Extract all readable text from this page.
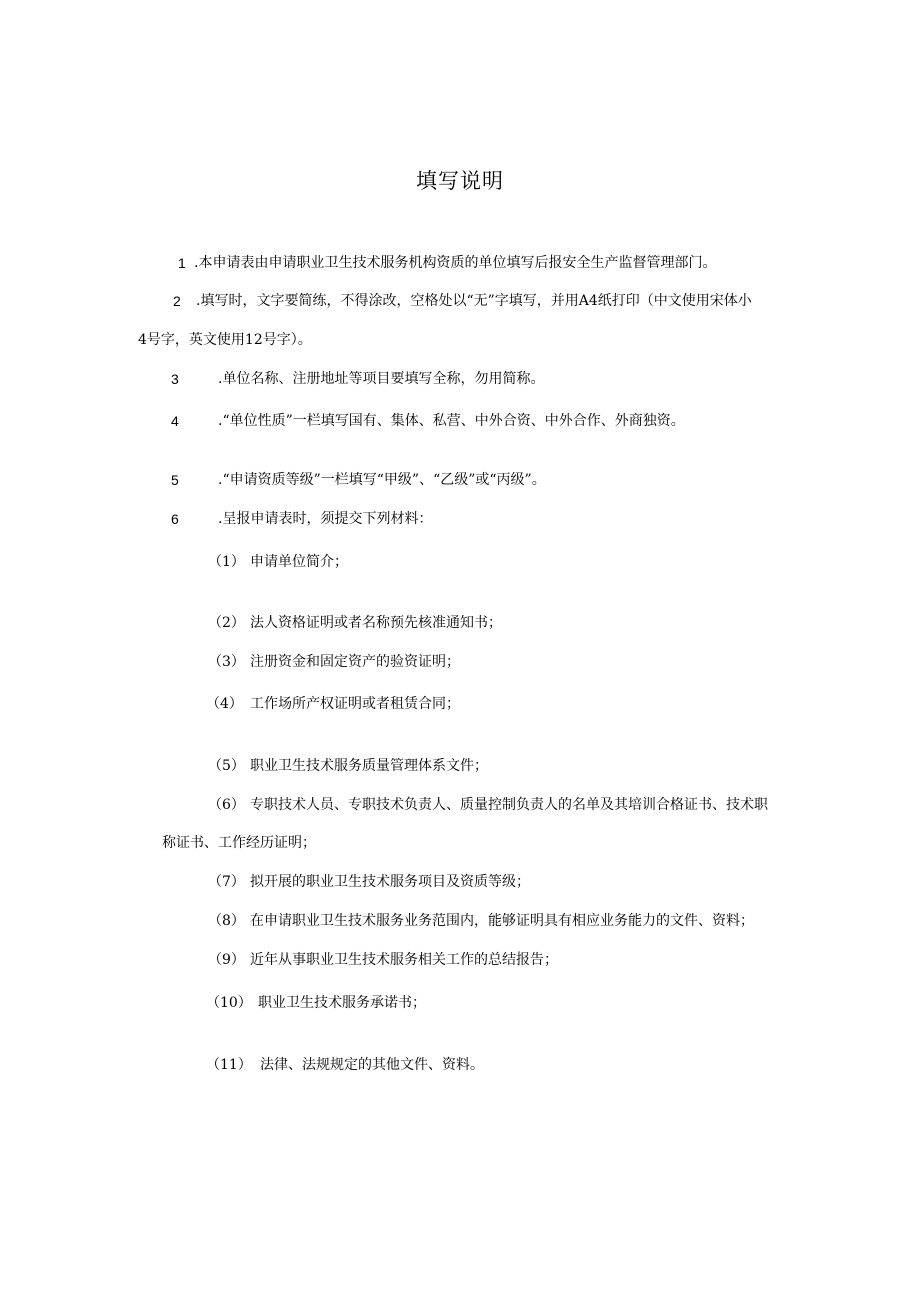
填写说明
1 .本申请表由申请职业卫生技术服务机构资质的单位填写后报安全生产监督管理部门。
2 .填写时，文字要简练，不得涂改，空格处以“无”字填写，并用A4纸打印（中文使用宋体小
4号字，英文使用12号字）。
3	.单位名称、注册地址等项目要填写全称，勿用简称。
4	.“单位性质”一栏填写国有、集体、私营、中外合资、中外合作、外商独资。
5	.“申请资质等级”一栏填写“甲级”、“乙级”或“丙级”。
6	.呈报申请表时，须提交下列材料：
（1） 申请单位简介；
（2） 法人资格证明或者名称预先核准通知书；
（3） 注册资金和固定资产的验资证明；
（4） 工作场所产权证明或者租赁合同；
（5） 职业卫生技术服务质量管理体系文件；
（6） 专职技术人员、专职技术负责人、质量控制负责人的名单及其培训合格证书、技术职
称证书、工作经历证明；
（7） 拟开展的职业卫生技术服务项目及资质等级；
（8） 在申请职业卫生技术服务业务范围内，能够证明具有相应业务能力的文件、资料；
（9） 近年从事职业卫生技术服务相关工作的总结报告；
（10） 职业卫生技术服务承诺书；
（11） 法律、法规规定的其他文件、资料。
